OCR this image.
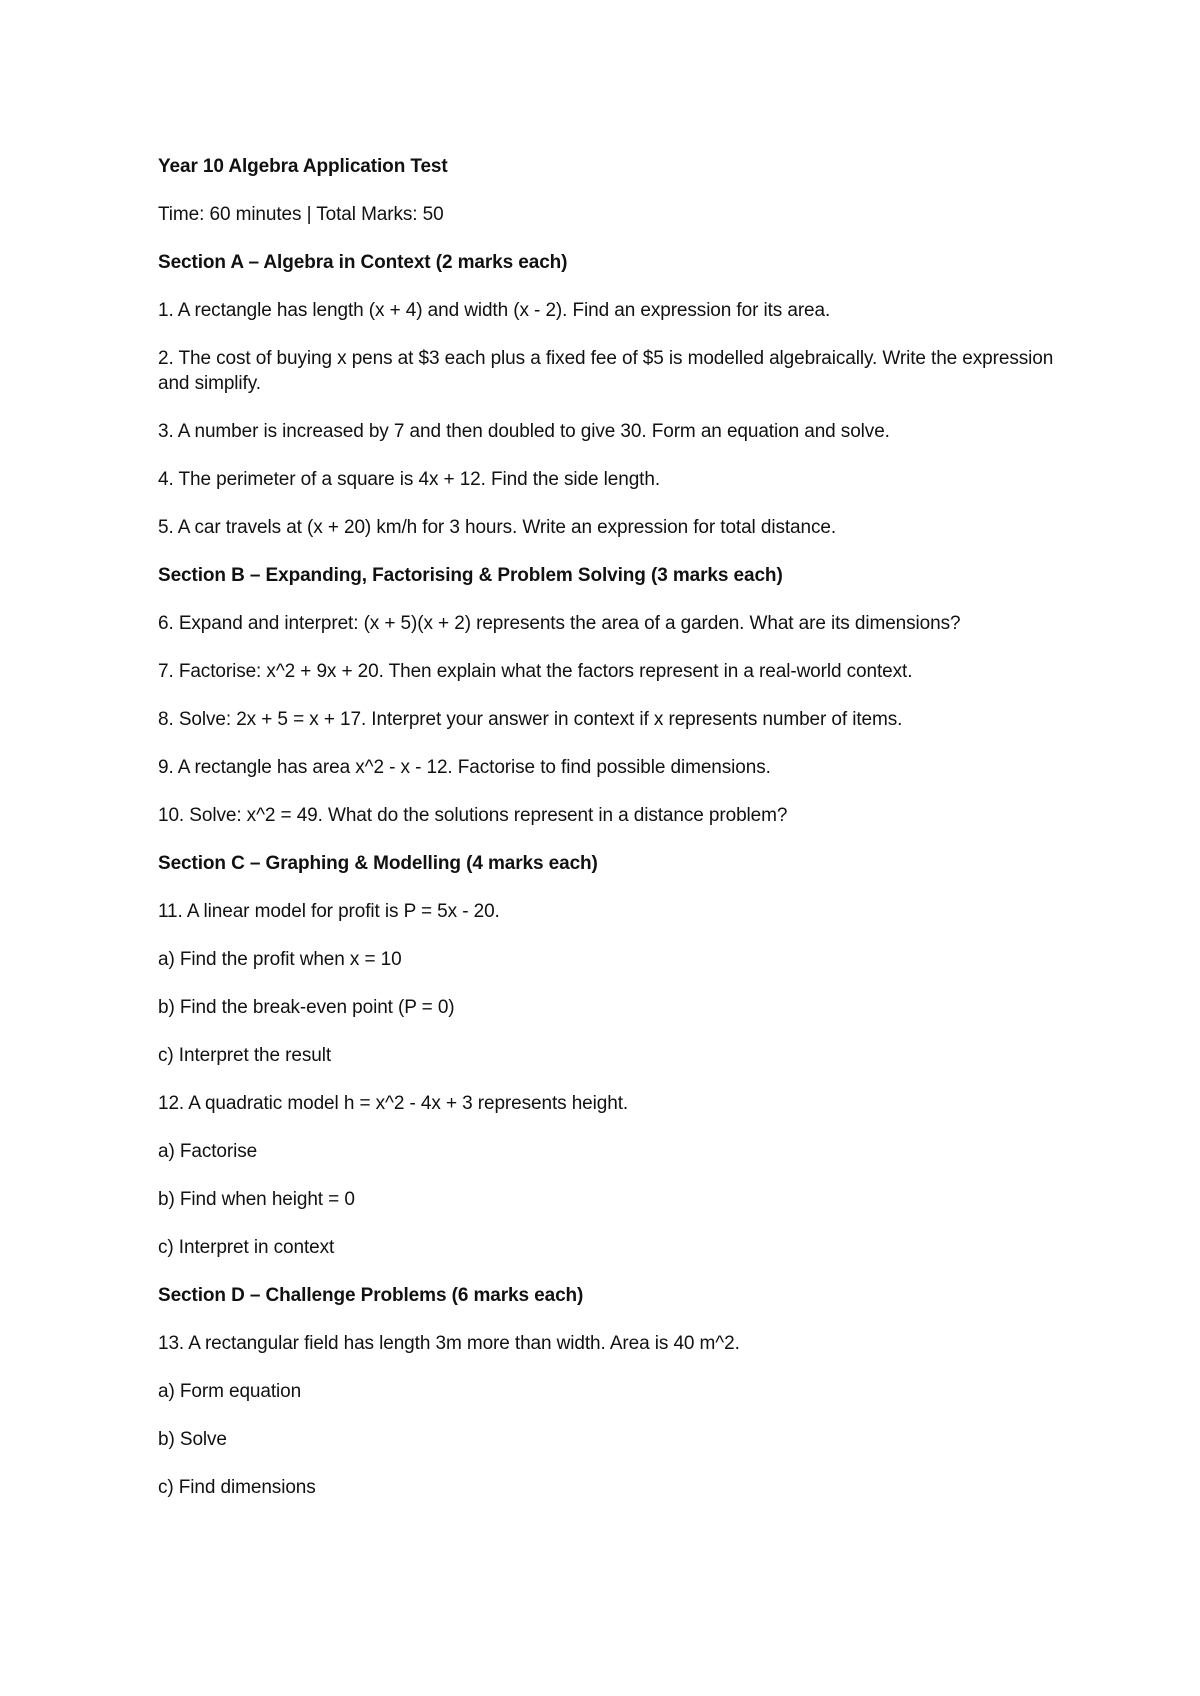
Year 10 Algebra Application Test

Time: 60 minutes | Total Marks: 50

Section A – Algebra in Context (2 marks each)

1. A rectangle has length (x + 4) and width (x - 2). Find an expression for its area.

2. The cost of buying x pens at $3 each plus a fixed fee of $5 is modelled algebraically. Write the expression and simplify.

3. A number is increased by 7 and then doubled to give 30. Form an equation and solve.

4. The perimeter of a square is 4x + 12. Find the side length.

5. A car travels at (x + 20) km/h for 3 hours. Write an expression for total distance.

Section B – Expanding, Factorising & Problem Solving (3 marks each)

6. Expand and interpret: (x + 5)(x + 2) represents the area of a garden. What are its dimensions?

7. Factorise: x^2 + 9x + 20. Then explain what the factors represent in a real-world context.

8. Solve: 2x + 5 = x + 17. Interpret your answer in context if x represents number of items.

9. A rectangle has area x^2 - x - 12. Factorise to find possible dimensions.

10. Solve: x^2 = 49. What do the solutions represent in a distance problem?

Section C – Graphing & Modelling (4 marks each)

11. A linear model for profit is P = 5x - 20.

a) Find the profit when x = 10

b) Find the break-even point (P = 0)

c) Interpret the result

12. A quadratic model h = x^2 - 4x + 3 represents height.

a) Factorise

b) Find when height = 0

c) Interpret in context

Section D – Challenge Problems (6 marks each)

13. A rectangular field has length 3m more than width. Area is 40 m^2.

a) Form equation

b) Solve

c) Find dimensions
